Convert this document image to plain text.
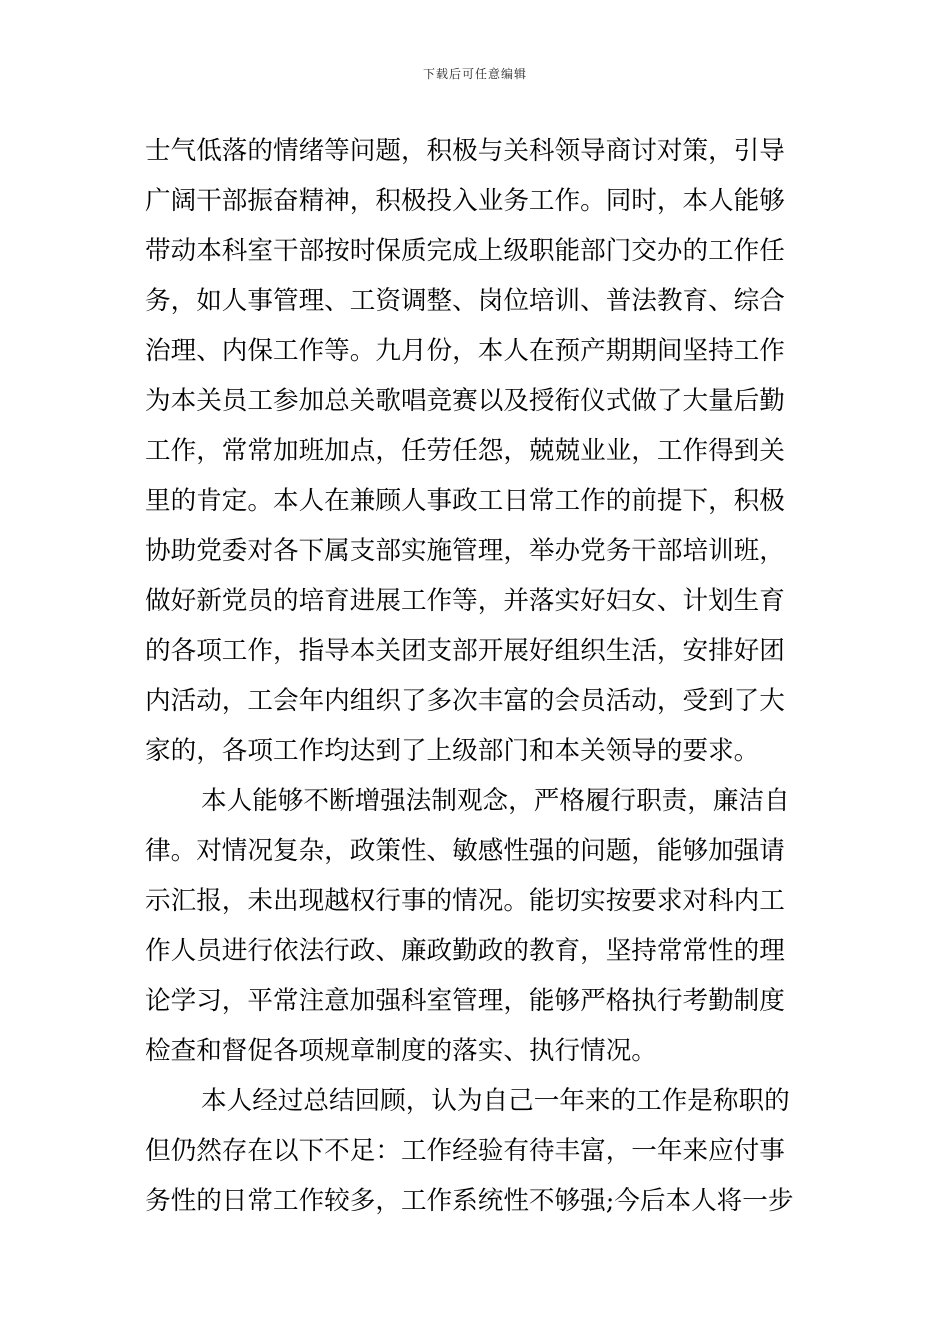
下载后可任意编辑
士气低落的情绪等问题，积极与关科领导商讨对策，引导
广阔干部振奋精神，积极投入业务工作。同时，本人能够
带动本科室干部按时保质完成上级职能部门交办的工作任
务，如人事管理、工资调整、岗位培训、普法教育、综合
治理、内保工作等。九月份，本人在预产期期间坚持工作
为本关员工参加总关歌唱竞赛以及授衔仪式做了大量后勤
工作，常常加班加点，任劳任怨，兢兢业业，工作得到关
里的肯定。本人在兼顾人事政工日常工作的前提下，积极
协助党委对各下属支部实施管理，举办党务干部培训班，
做好新党员的培育进展工作等，并落实好妇女、计划生育
的各项工作，指导本关团支部开展好组织生活，安排好团
内活动，工会年内组织了多次丰富的会员活动，受到了大
家的，各项工作均达到了上级部门和本关领导的要求。
本人能够不断增强法制观念，严格履行职责，廉洁自
律。对情况复杂，政策性、敏感性强的问题，能够加强请
示汇报，未出现越权行事的情况。能切实按要求对科内工
作人员进行依法行政、廉政勤政的教育，坚持常常性的理
论学习，平常注意加强科室管理，能够严格执行考勤制度
检查和督促各项规章制度的落实、执行情况。
本人经过总结回顾，认为自己一年来的工作是称职的
但仍然存在以下不足：工作经验有待丰富，一年来应付事
务性的日常工作较多，工作系统性不够强;今后本人将一步
